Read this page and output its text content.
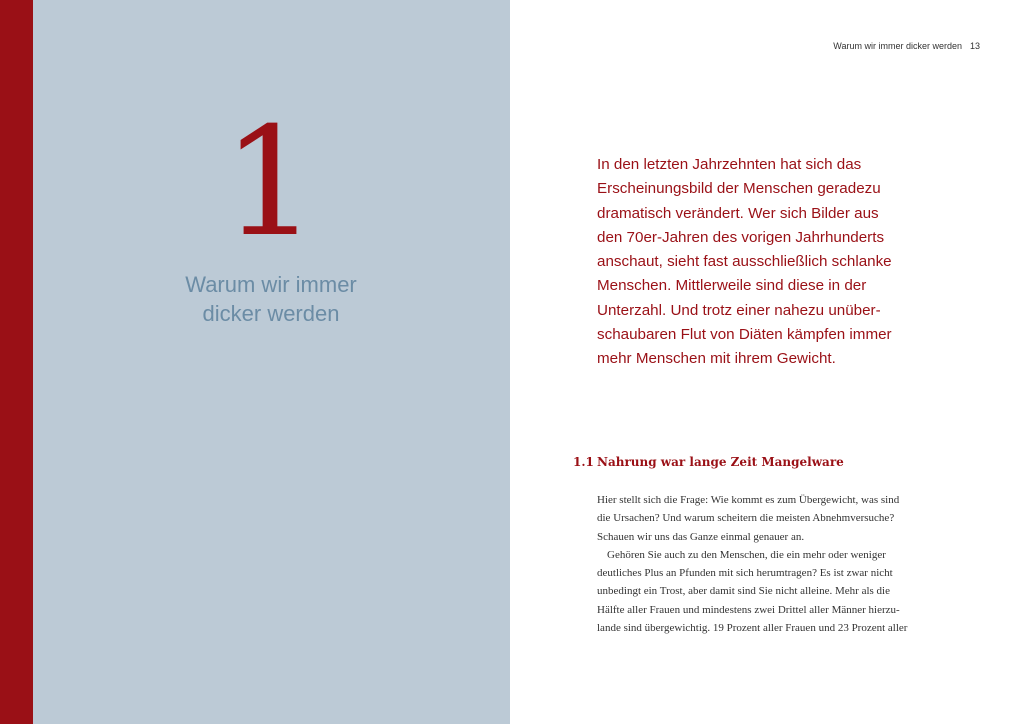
1
Warum wir immer
dicker werden
Warum wir immer dicker werden 13
In den letzten Jahrzehnten hat sich das
Erscheinungsbild der Menschen geradezu
dramatisch verändert. Wer sich Bilder aus
den 70er-Jahren des vorigen Jahrhunderts
anschaut, sieht fast ausschließlich schlanke
Menschen. Mittlerweile sind diese in der
Unterzahl. Und trotz einer nahezu unüber-
schaubaren Flut von Diäten kämpfen immer
mehr Menschen mit ihrem Gewicht.
1.1 Nahrung war lange Zeit Mangelware
Hier stellt sich die Frage: Wie kommt es zum Übergewicht, was sind
die Ursachen? Und warum scheitern die meisten Abnehmversuche?
Schauen wir uns das Ganze einmal genauer an.
Gehören Sie auch zu den Menschen, die ein mehr oder weniger
deutliches Plus an Pfunden mit sich herumtragen? Es ist zwar nicht
unbedingt ein Trost, aber damit sind Sie nicht alleine. Mehr als die
Hälfte aller Frauen und mindestens zwei Drittel aller Männer hierzu-
lande sind übergewichtig. 19 Prozent aller Frauen und 23 Prozent aller
